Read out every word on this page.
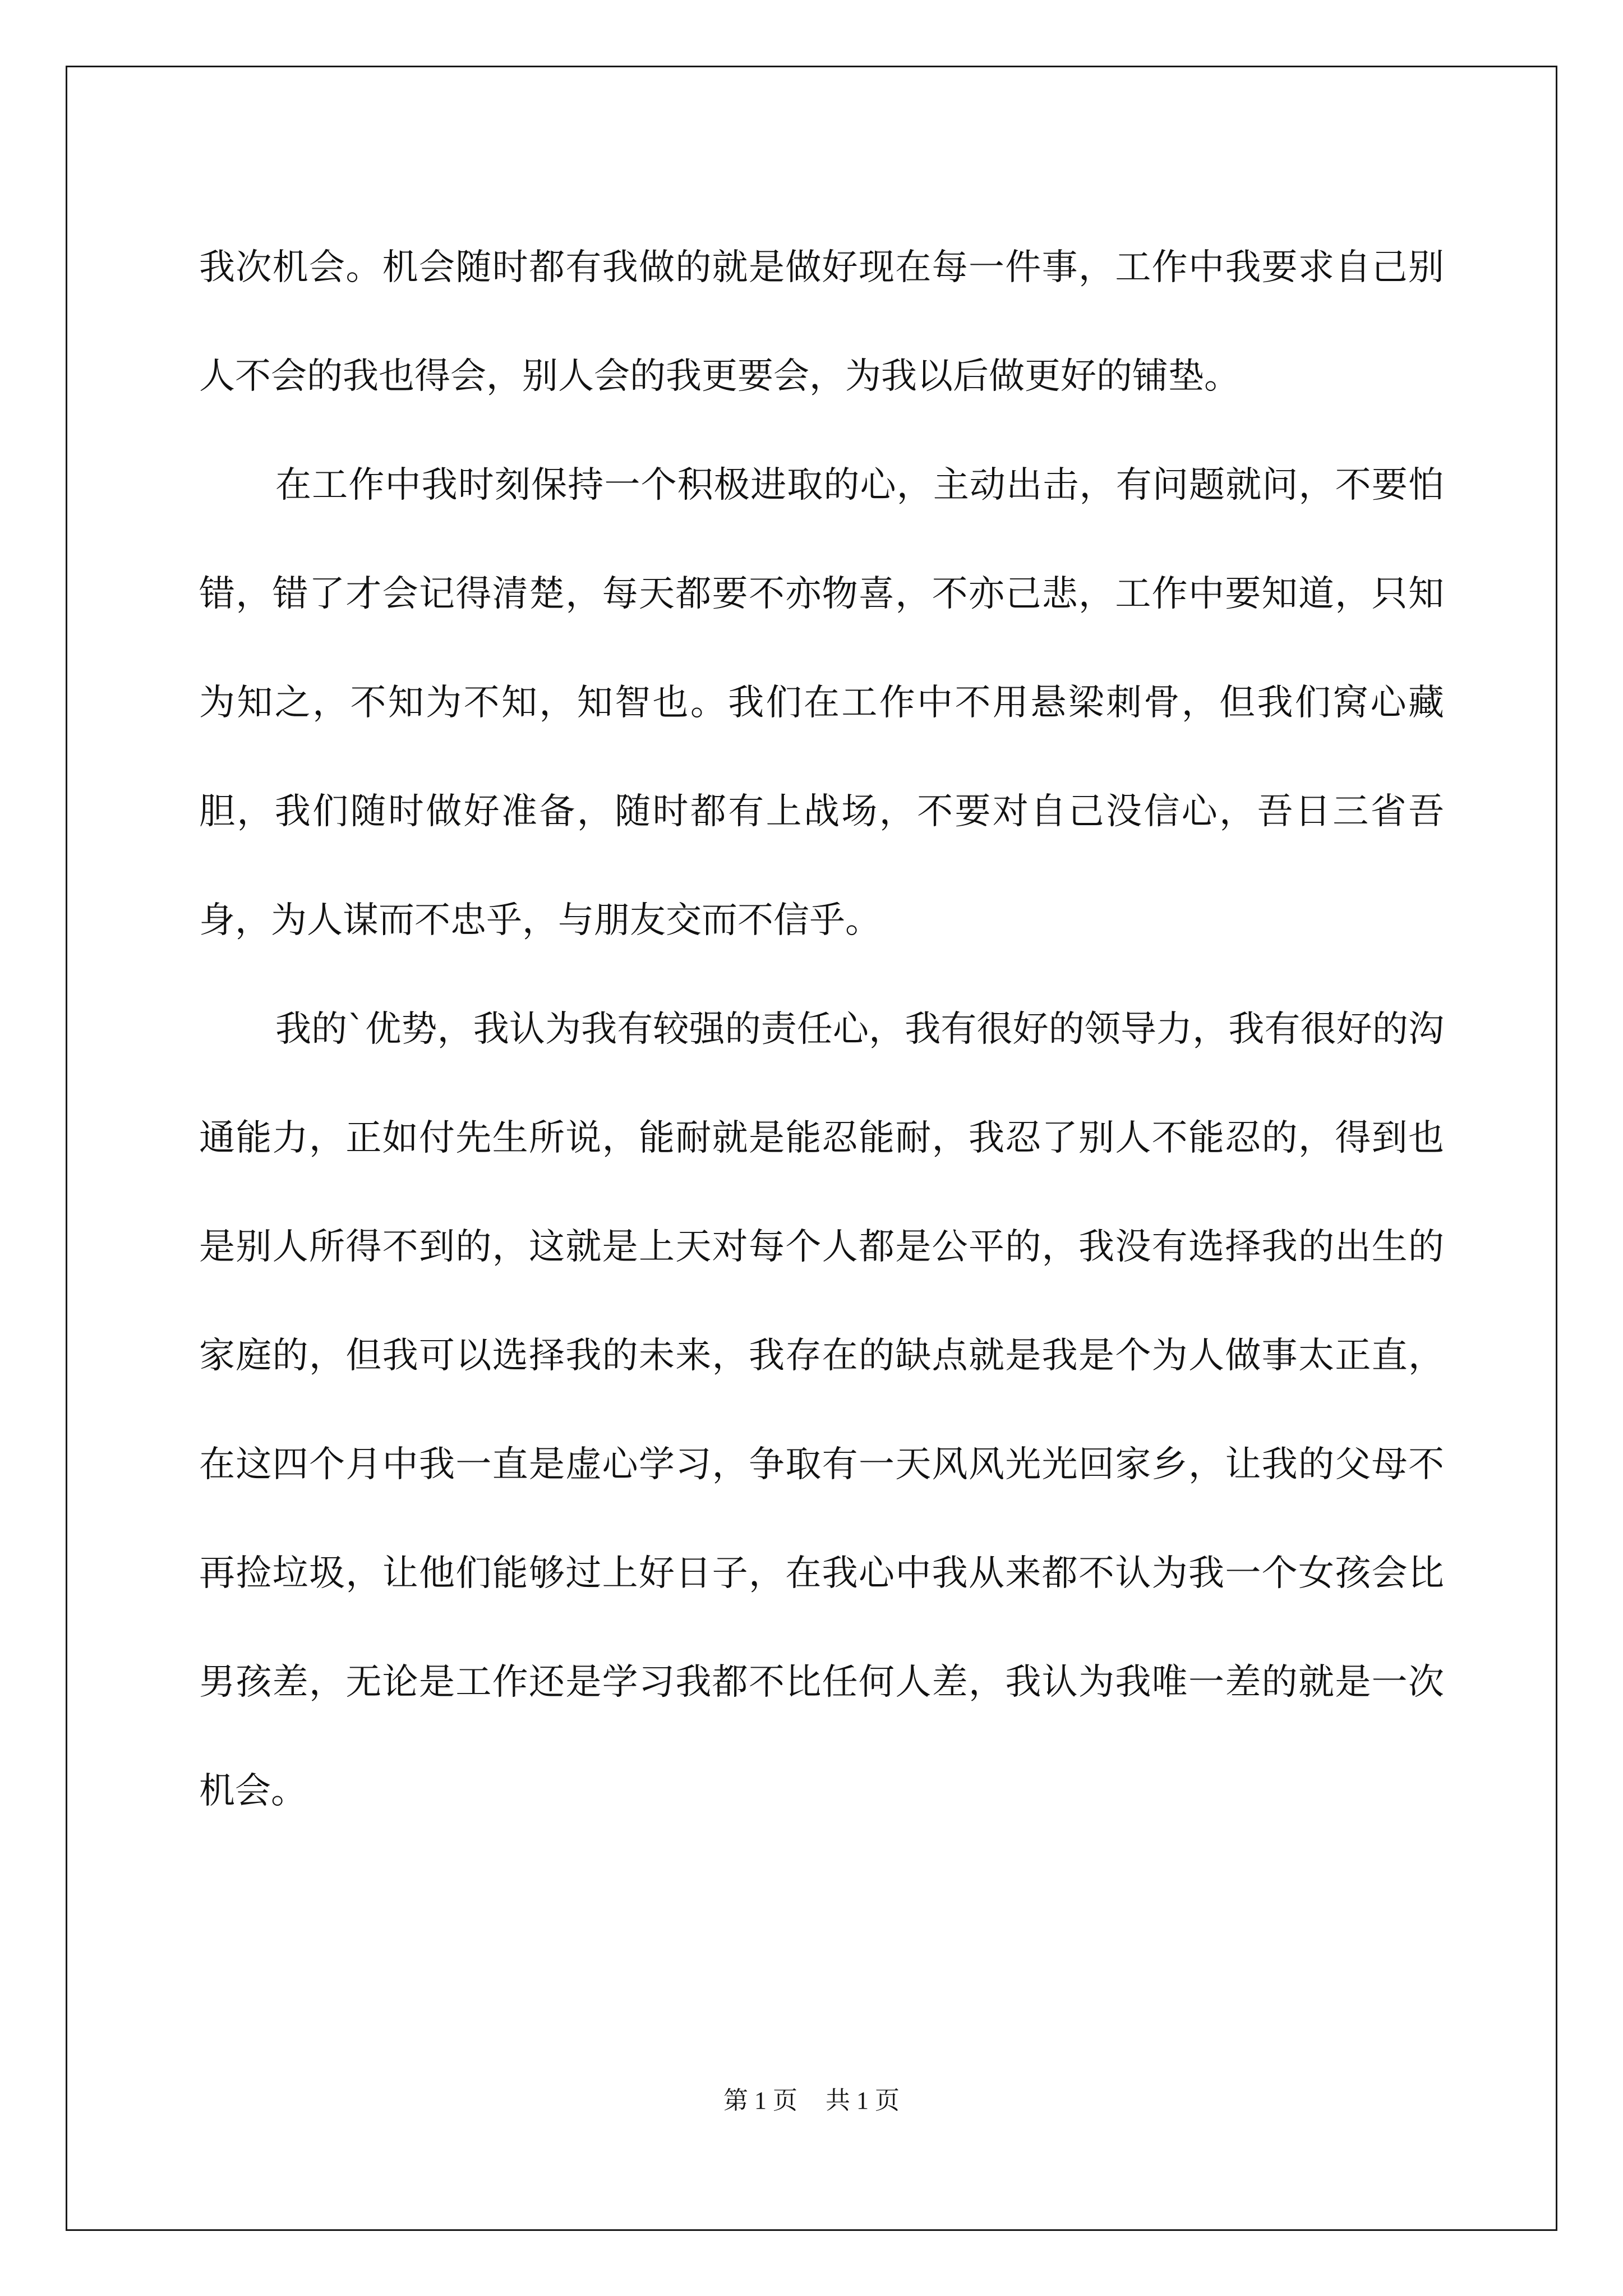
我次机会。机会随时都有我做的就是做好现在每一件事，工作中我要求自己别人不会的我也得会，别人会的我更要会，为我以后做更好的铺垫。

在工作中我时刻保持一个积极进取的心，主动出击，有问题就问，不要怕错，错了才会记得清楚，每天都要不亦物喜，不亦己悲，工作中要知道，只知为知之，不知为不知，知智也。我们在工作中不用悬梁刺骨，但我们窝心藏胆，我们随时做好准备，随时都有上战场，不要对自己没信心，吾日三省吾身，为人谋而不忠乎，与朋友交而不信乎。

我的`优势，我认为我有较强的责任心，我有很好的领导力，我有很好的沟通能力，正如付先生所说，能耐就是能忍能耐，我忍了别人不能忍的，得到也是别人所得不到的，这就是上天对每个人都是公平的，我没有选择我的出生的家庭的，但我可以选择我的未来，我存在的缺点就是我是个为人做事太正直，在这四个月中我一直是虚心学习，争取有一天风风光光回家乡，让我的父母不再捡垃圾，让他们能够过上好日子，在我心中我从来都不认为我一个女孩会比男孩差，无论是工作还是学习我都不比任何人差，我认为我唯一差的就是一次机会。

第 1 页 共 1 页
